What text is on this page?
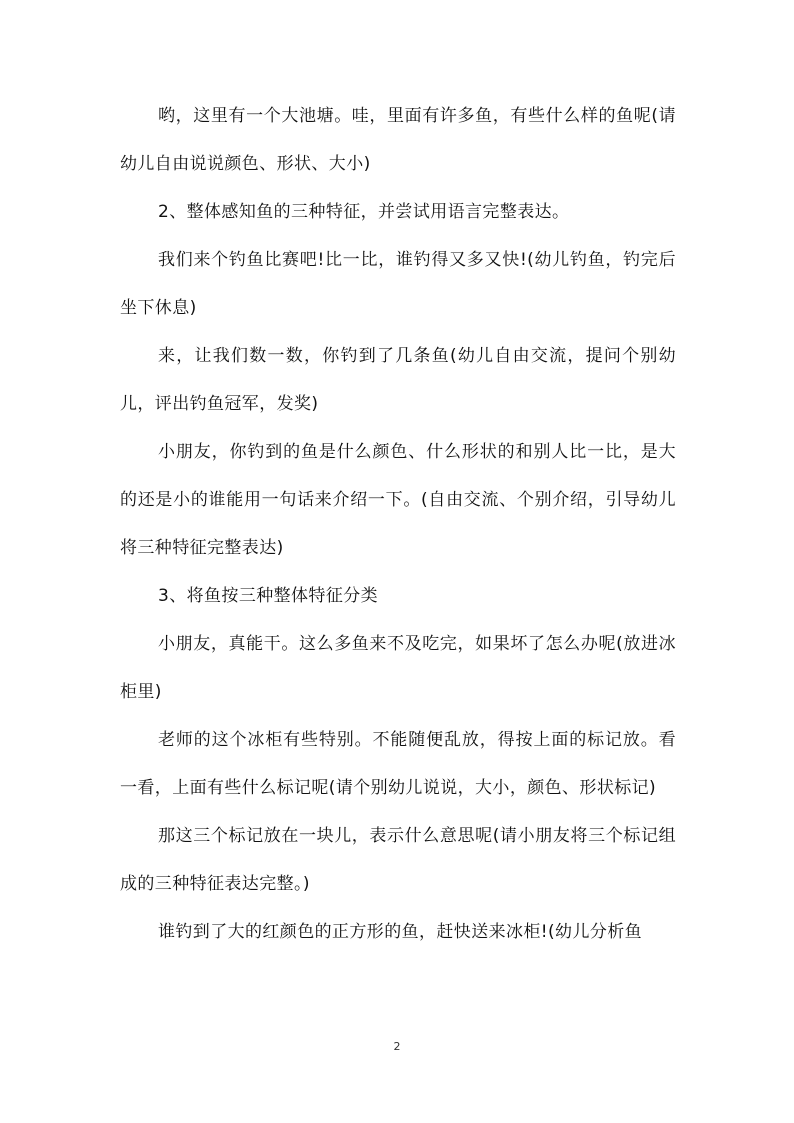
哟，这里有一个大池塘。哇，里面有许多鱼，有些什么样的鱼呢(请幼儿自由说说颜色、形状、大小)

2、整体感知鱼的三种特征，并尝试用语言完整表达。

我们来个钓鱼比赛吧!比一比，谁钓得又多又快!(幼儿钓鱼，钓完后坐下休息)

来，让我们数一数，你钓到了几条鱼(幼儿自由交流，提问个别幼儿，评出钓鱼冠军，发奖)

小朋友，你钓到的鱼是什么颜色、什么形状的和别人比一比，是大的还是小的谁能用一句话来介绍一下。(自由交流、个别介绍，引导幼儿将三种特征完整表达)

3、将鱼按三种整体特征分类

小朋友，真能干。这么多鱼来不及吃完，如果坏了怎么办呢(放进冰柜里)

老师的这个冰柜有些特别。不能随便乱放，得按上面的标记放。看一看，上面有些什么标记呢(请个别幼儿说说，大小，颜色、形状标记)

那这三个标记放在一块儿，表示什么意思呢(请小朋友将三个标记组成的三种特征表达完整。)

谁钓到了大的红颜色的正方形的鱼，赶快送来冰柜!(幼儿分析鱼

2
